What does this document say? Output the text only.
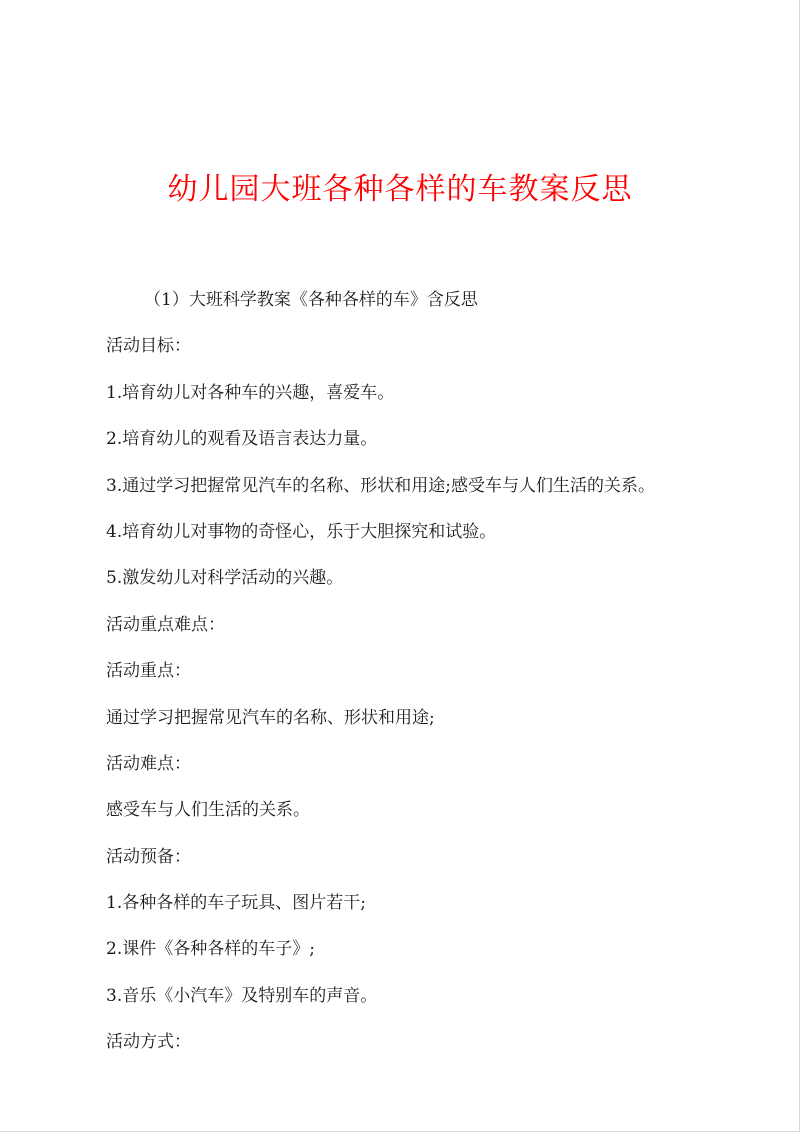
幼儿园大班各种各样的车教案反思
（1）大班科学教案《各种各样的车》含反思
活动目标：
1.培育幼儿对各种车的兴趣，喜爱车。
2.培育幼儿的观看及语言表达力量。
3.通过学习把握常见汽车的名称、形状和用途;感受车与人们生活的关系。
4.培育幼儿对事物的奇怪心，乐于大胆探究和试验。
5.激发幼儿对科学活动的兴趣。
活动重点难点：
活动重点：
通过学习把握常见汽车的名称、形状和用途;
活动难点：
感受车与人们生活的关系。
活动预备：
1.各种各样的车子玩具、图片若干;
2.课件《各种各样的车子》;
3.音乐《小汽车》及特别车的声音。
活动方式：
